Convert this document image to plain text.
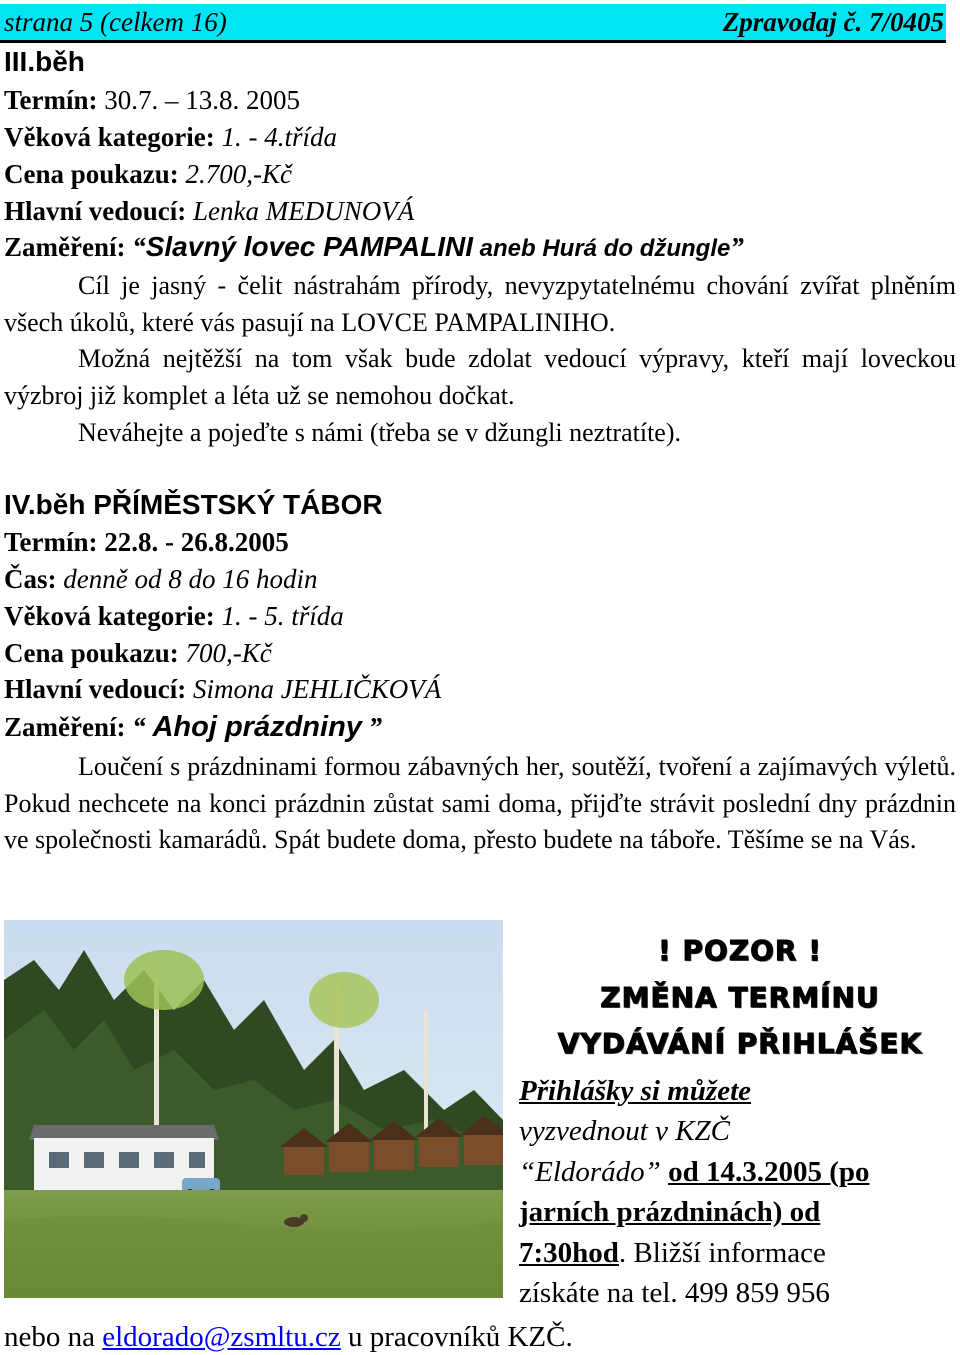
strana 5 (celkem 16)	Zpravodaj č. 7/0405
III.běh
Termín: 30.7. – 13.8. 2005
Věková kategorie: 1. - 4.třída
Cena poukazu: 2.700,-Kč
Hlavní vedoucí: Lenka MEDUNOVÁ
Zaměření: “Slavný lovec PAMPALINI aneb Hurá do džungle”
Cíl je jasný - čelit nástrahám přírody, nevyzpytatelnému chování zvířat plněním všech úkolů, které vás pasují na LOVCE PAMPALINIHO.
Možná nejtěžší na tom však bude zdolat vedoucí výpravy, kteří mají loveckou výzbroj již komplet a léta už se nemohou dočkat.
Neváhejte a pojeďte s námi (třeba se v džungli neztratíte).
IV.běh PŘÍMĚSTSKÝ TÁBOR
Termín: 22.8. - 26.8.2005
Čas: denně od 8 do 16 hodin
Věková kategorie: 1. - 5. třída
Cena poukazu: 700,-Kč
Hlavní vedoucí: Simona JEHLIČKOVÁ
Zaměření: “ Ahoj prázdniny ”
Loučení s prázdninami formou zábavných her, soutěží, tvoření a zajímavých výletů. Pokud nechcete na konci prázdnin zůstat sami doma, přijďte strávit poslední dny prázdnin ve společnosti kamarádů. Spát budete doma, přesto budete na táboře. Těšíme se na Vás.
! POZOR !
ZMĚNA TERMÍNU
VYDÁVÁNÍ PŘIHLÁŠEK
Přihlášky si můžete
vyzvednout v KZČ
“Eldorádo” od 14.3.2005 (po
jarních prázdninách) od
7:30hod. Bližší informace
získáte na tel. 499 859 956
nebo na eldorado@zsmltu.cz u pracovníků KZČ.
